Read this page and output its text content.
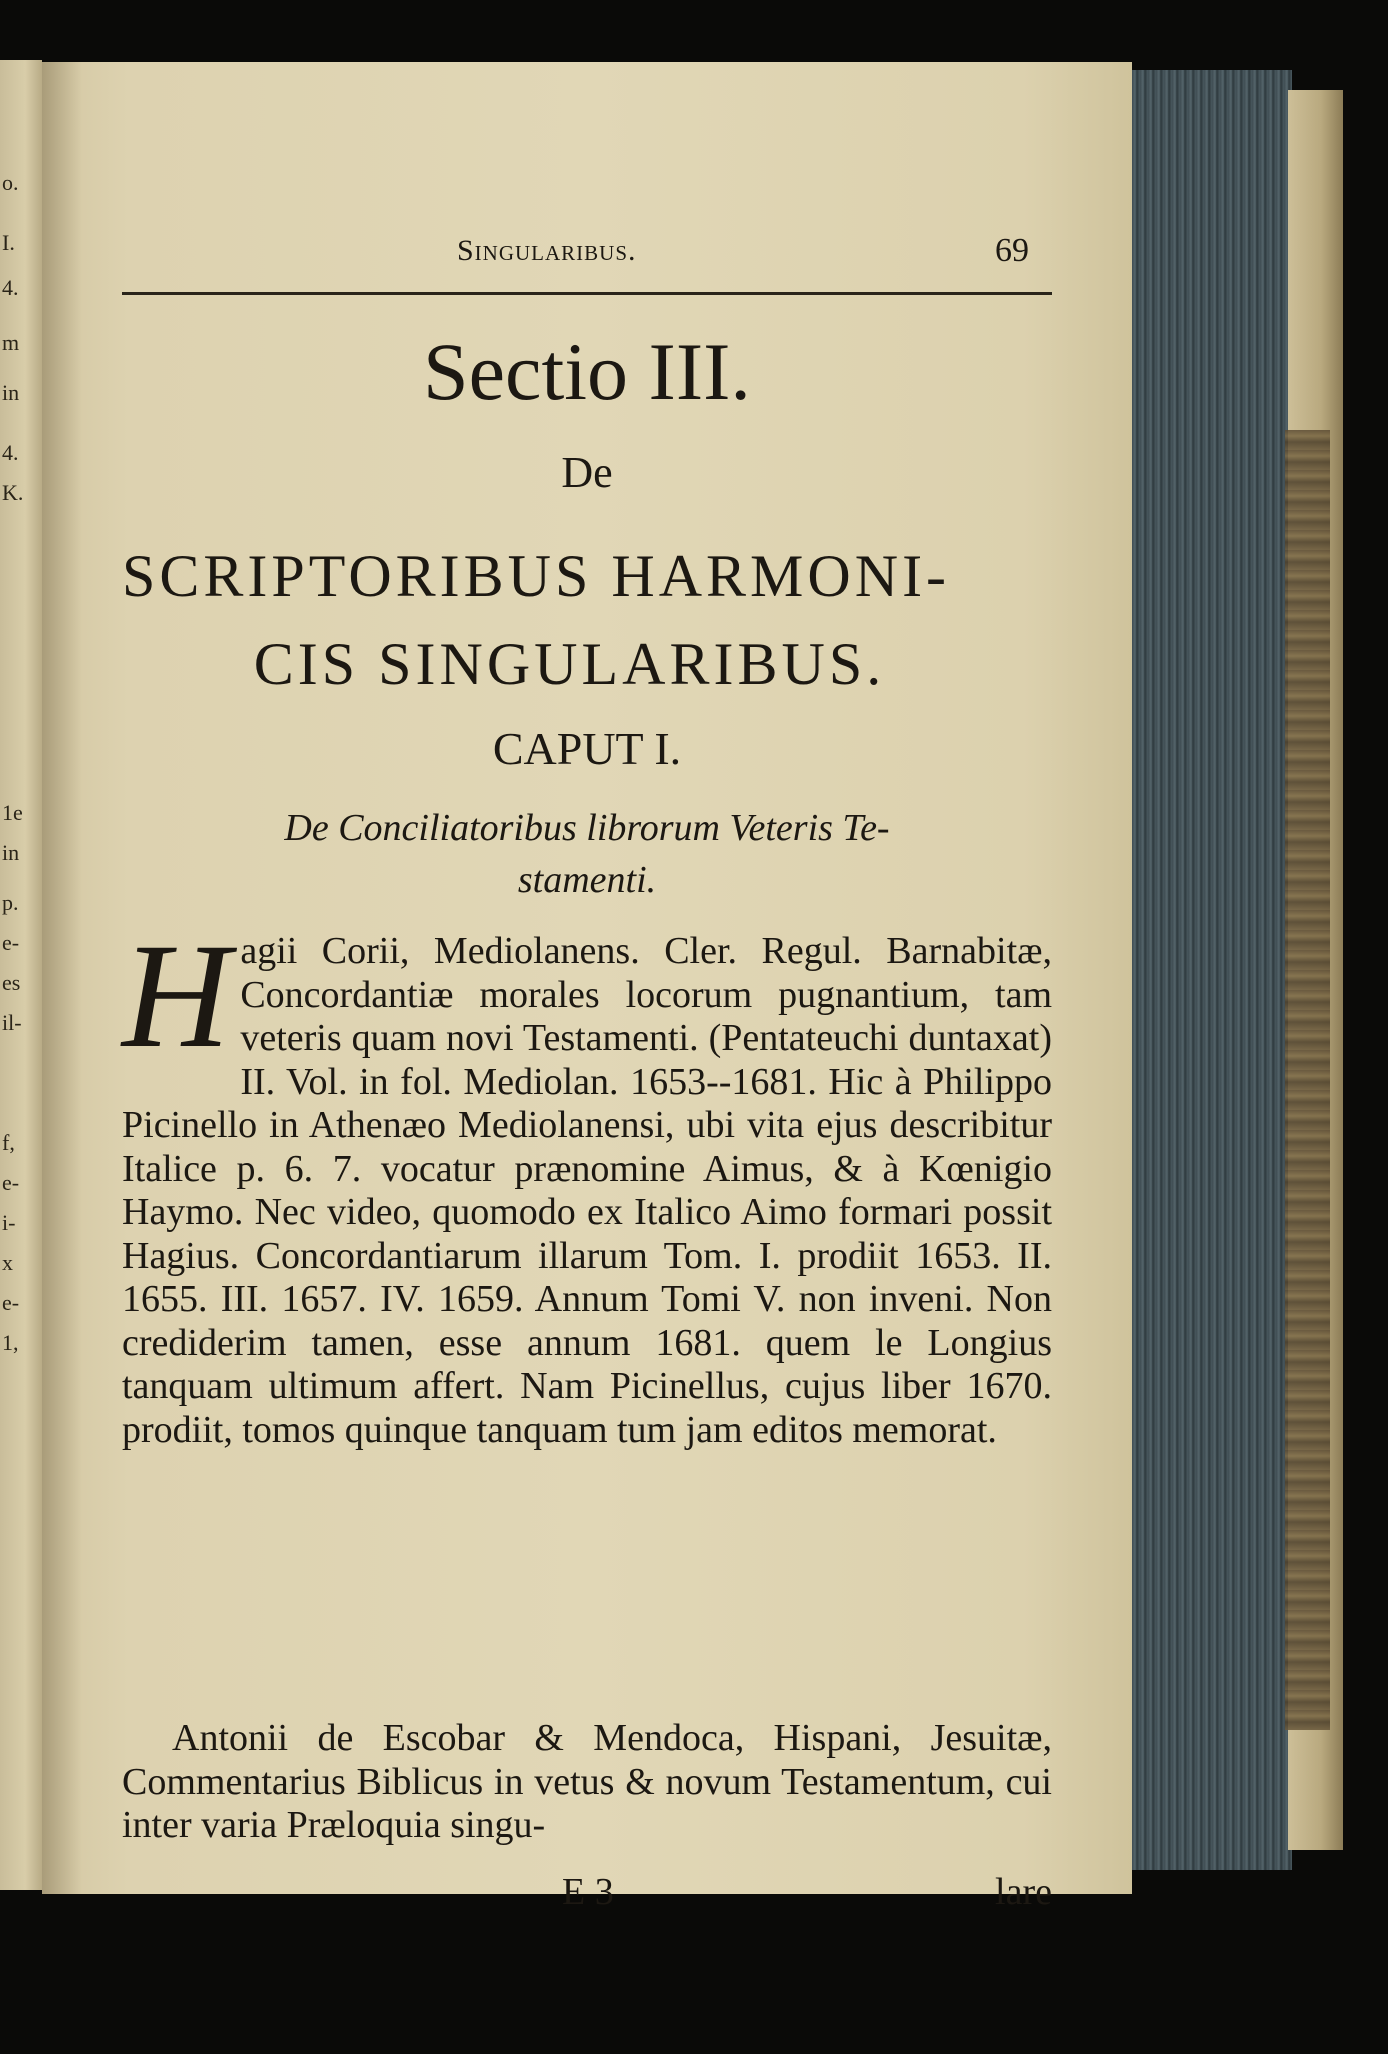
o.
I.
4.
m
in
4.
K.
1e
in
p.
e-
es
il-
f,
e-
i-
x
e-
1,
Singularibus.	69
Sectio III.
De
SCRIPTORIBUS HARMONI-
CIS SINGULARIBUS.
CAPUT I.
De Conciliatoribus librorum Veteris Te-
stamenti.

Hagii Corii, Mediolanens. Cler. Regul. Barnabitæ, Concordantiæ morales locorum pugnantium, tam veteris quam novi Testamenti. (Pentateuchi duntaxat) II. Vol. in fol. Mediolan. 1653--1681. Hic à Philippo Picinello in Athenæo Mediolanensi, ubi vita ejus describitur Italice p. 6. 7. vocatur prænomine Aimus, & à Kœnigio Haymo. Nec video, quomodo ex Italico Aimo formari possit Hagius. Concordantiarum illarum Tom. I. prodiit 1653. II. 1655. III. 1657. IV. 1659. Annum Tomi V. non inveni. Non crediderim tamen, esse annum 1681. quem le Longius tanquam ultimum affert. Nam Picinellus, cujus liber 1670. prodiit, tomos quinque tanquam tum jam editos memorat.

Antonii de Escobar & Mendoca, Hispani, Jesuitæ, Commentarius Biblicus in vetus & novum Testamentum, cui inter varia Præloquia singu-

E 3	lare
